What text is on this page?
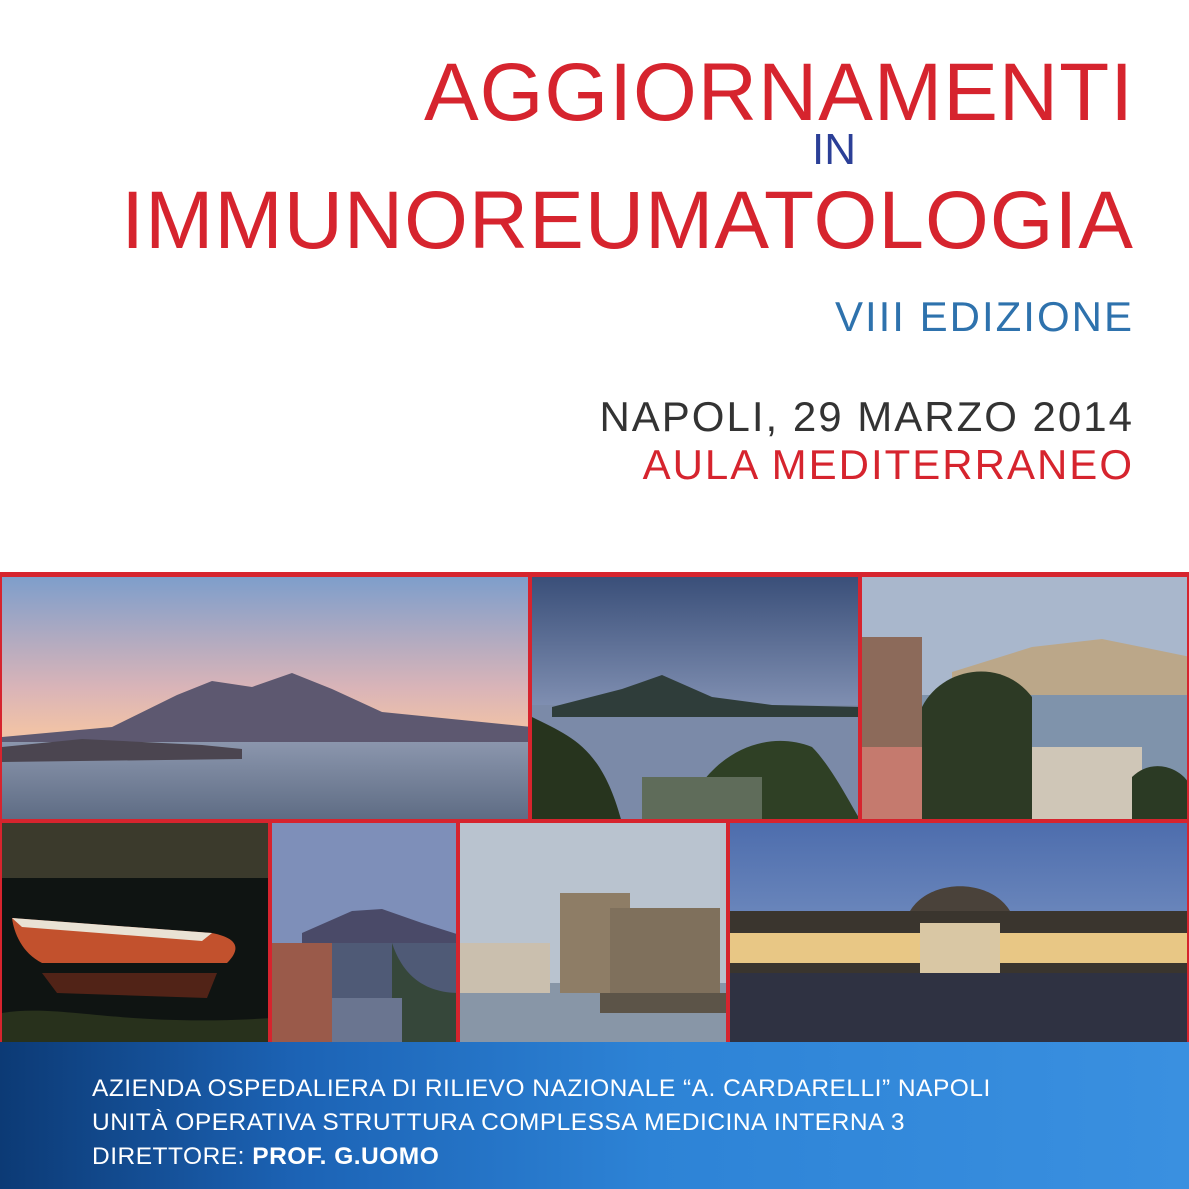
AGGIORNAMENTI
IN
IMMUNOREUMATOLOGIA
VIII EDIZIONE
NAPOLI, 29 MARZO 2014
AULA MEDITERRANEO
AZIENDA OSPEDALIERA DI RILIEVO NAZIONALE “A. CARDARELLI” NAPOLI
UNITÀ OPERATIVA STRUTTURA COMPLESSA MEDICINA INTERNA 3
DIRETTORE: PROF. G.UOMO
